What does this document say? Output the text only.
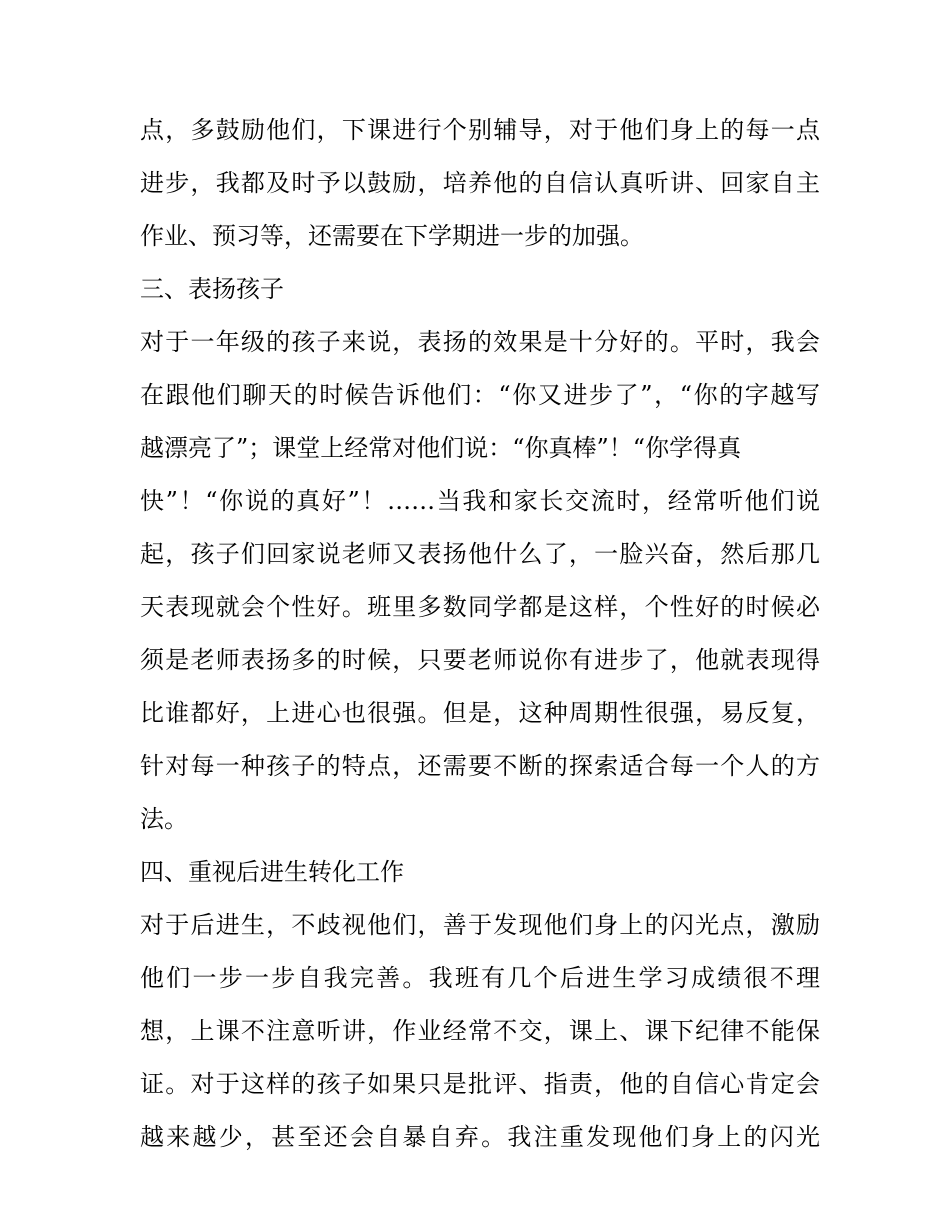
点，多鼓励他们，下课进行个别辅导，对于他们身上的每一点
进步，我都及时予以鼓励，培养他的自信认真听讲、回家自主
作业、预习等，还需要在下学期进一步的加强。
三、表扬孩子
对于一年级的孩子来说，表扬的效果是十分好的。平时，我会
在跟他们聊天的时候告诉他们：“你又进步了”，“你的字越写
越漂亮了”；课堂上经常对他们说：“你真棒”！“你学得真
快”！“你说的真好”！……当我和家长交流时，经常听他们说
起，孩子们回家说老师又表扬他什么了，一脸兴奋，然后那几
天表现就会个性好。班里多数同学都是这样，个性好的时候必
须是老师表扬多的时候，只要老师说你有进步了，他就表现得
比谁都好，上进心也很强。但是，这种周期性很强，易反复，
针对每一种孩子的特点，还需要不断的探索适合每一个人的方
法。
四、重视后进生转化工作
对于后进生，不歧视他们，善于发现他们身上的闪光点，激励
他们一步一步自我完善。我班有几个后进生学习成绩很不理
想，上课不注意听讲，作业经常不交，课上、课下纪律不能保
证。对于这样的孩子如果只是批评、指责，他的自信心肯定会
越来越少，甚至还会自暴自弃。我注重发现他们身上的闪光
